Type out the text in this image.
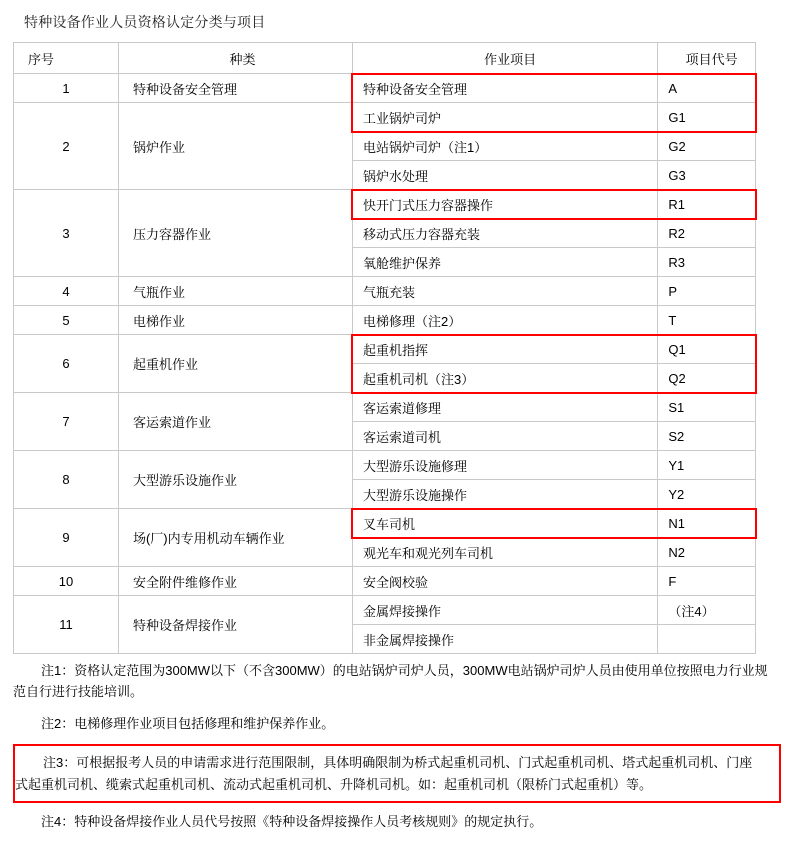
特种设备作业人员资格认定分类与项目
序号	种类	作业项目	项目代号
1	特种设备安全管理	特种设备安全管理	A
2	锅炉作业	工业锅炉司炉	G1
		电站锅炉司炉（注1）	G2
		锅炉水处理	G3
3	压力容器作业	快开门式压力容器操作	R1
		移动式压力容器充装	R2
		氧舱维护保养	R3
4	气瓶作业	气瓶充装	P
5	电梯作业	电梯修理（注2）	T
6	起重机作业	起重机指挥	Q1
		起重机司机（注3）	Q2
7	客运索道作业	客运索道修理	S1
		客运索道司机	S2
8	大型游乐设施作业	大型游乐设施修理	Y1
		大型游乐设施操作	Y2
9	场(厂)内专用机动车辆作业	叉车司机	N1
		观光车和观光列车司机	N2
10	安全附件维修作业	安全阀校验	F
11	特种设备焊接作业	金属焊接操作	（注4）
		非金属焊接操作	

注1：资格认定范围为300MW以下（不含300MW）的电站锅炉司炉人员，300MW电站锅炉司炉人员由使用单位按照电力行业规范自行进行技能培训。

注2：电梯修理作业项目包括修理和维护保养作业。

注3：可根据报考人员的申请需求进行范围限制，具体明确限制为桥式起重机司机、门式起重机司机、塔式起重机司机、门座式起重机司机、缆索式起重机司机、流动式起重机司机、升降机司机。如：起重机司机（限桥门式起重机）等。

注4：特种设备焊接作业人员代号按照《特种设备焊接操作人员考核规则》的规定执行。
